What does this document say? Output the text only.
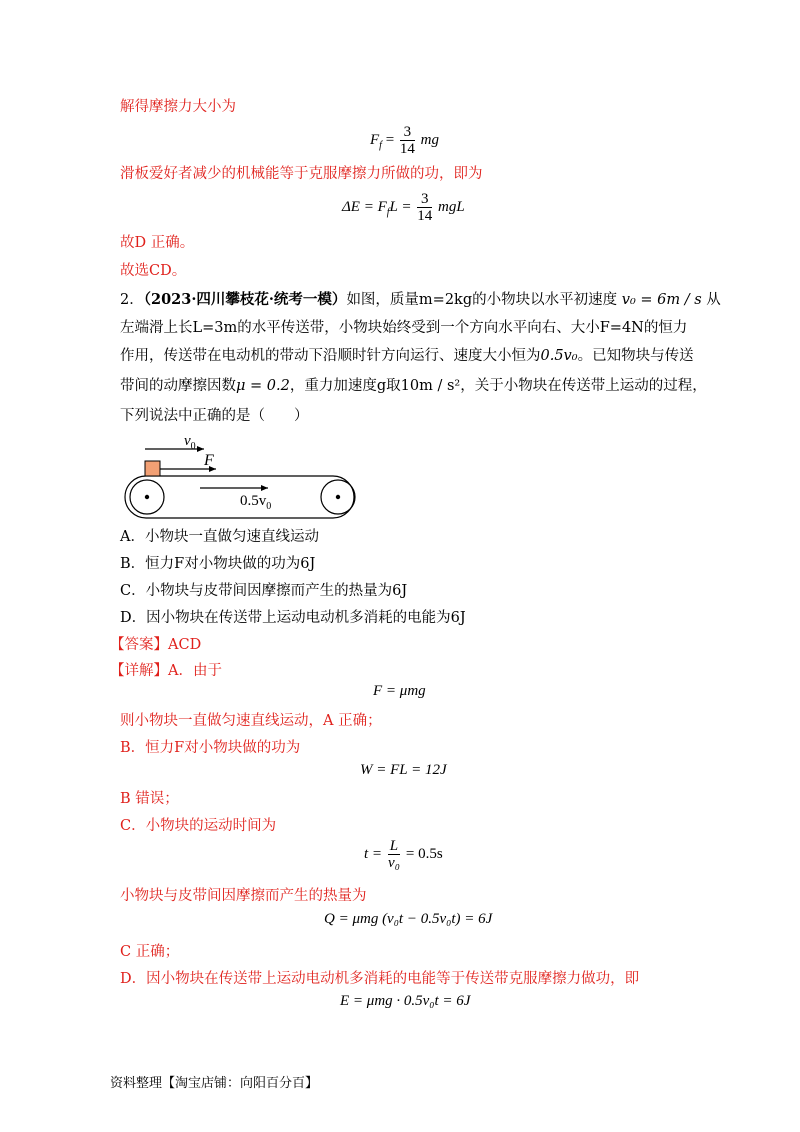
解得摩擦力大小为
$F_f = \frac{3}{14}$ mg
滑板爱好者减少的机械能等于克服摩擦力所做的功，即为
$\Delta E = F_fL = \frac{3}{14}$ mgL
故D 正确。
故选CD。
2．（2023·四川攀枝花·统考一模）如图，质量m=2kg的小物块以水平初速度 v₀ = 6m / s 从
左端滑上长L=3m的水平传送带，小物块始终受到一个方向水平向右、大小F=4N的恒力
作用，传送带在电动机的带动下沿顺时针方向运行、速度大小恒为0.5v₀。已知物块与传送
带间的动摩擦因数μ = 0.2，重力加速度g取10m / s²，关于小物块在传送带上运动的过程，
下列说法中正确的是（　　）
$v_0$
F
$0.5v_0$
A．小物块一直做匀速直线运动
B．恒力F对小物块做的功为6J
C．小物块与皮带间因摩擦而产生的热量为6J
D．因小物块在传送带上运动电动机多消耗的电能为6J
【答案】ACD
【详解】A．由于
F = μmg
则小物块一直做匀速直线运动，A 正确；
B．恒力F对小物块做的功为
W = FL = 12J
B 错误；
C．小物块的运动时间为
$t = \frac{L}{\text{v₀}} = 0.5s$
小物块与皮带间因摩擦而产生的热量为
Q = μmg (v₀t − 0.5v₀t) = 6J
C 正确；
D．因小物块在传送带上运动电动机多消耗的电能等于传送带克服摩擦力做功，即
E = μmg · 0.5v₀t = 6J
资料整理【淘宝店铺：向阳百分百】
